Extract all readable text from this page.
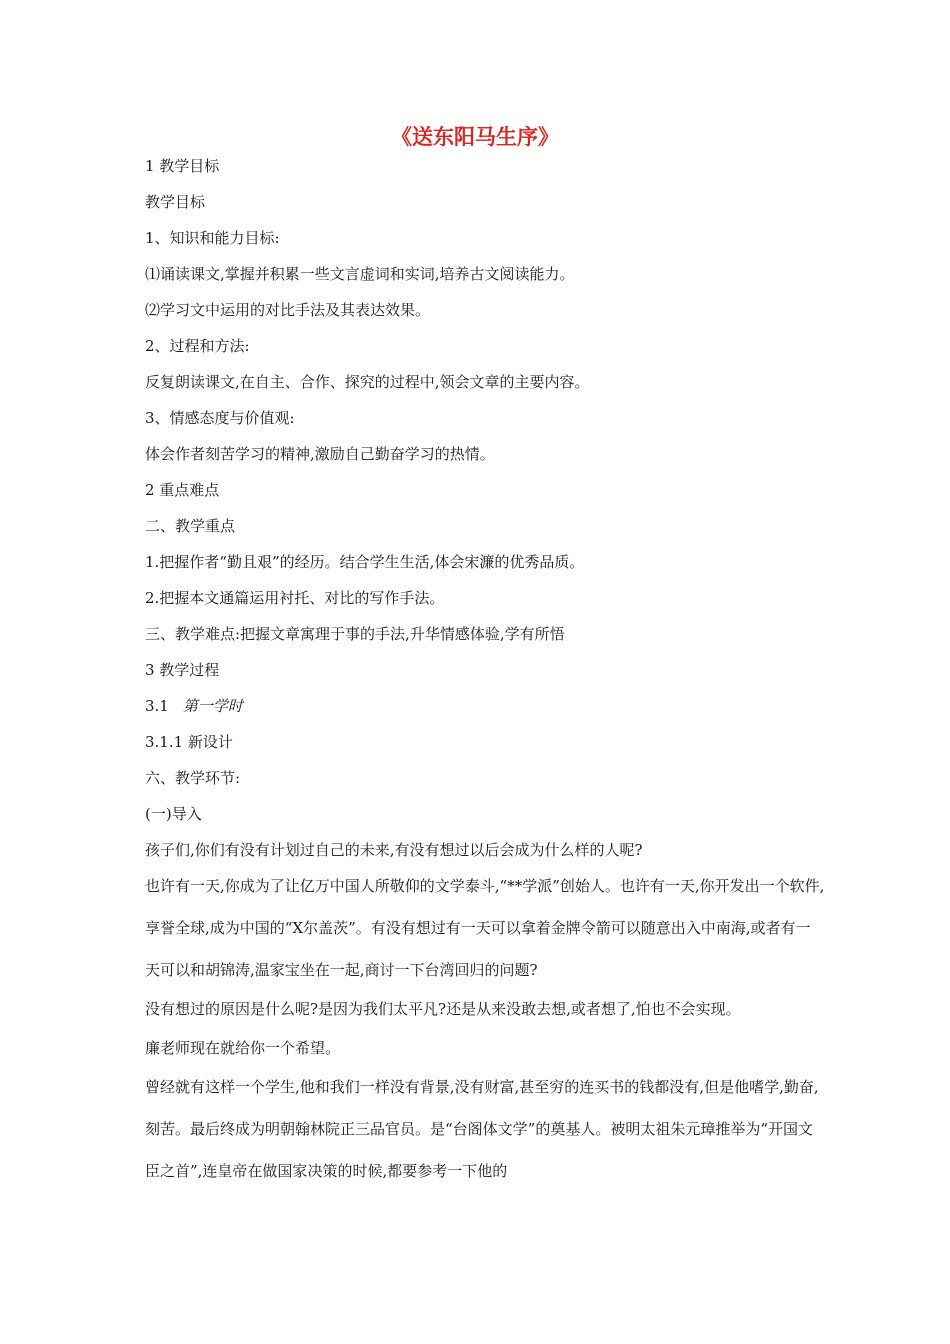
《送东阳马生序》

1 教学目标

教学目标

1、知识和能力目标:

⑴诵读课文,掌握并积累一些文言虚词和实词,培养古文阅读能力。

⑵学习文中运用的对比手法及其表达效果。

2、过程和方法:

反复朗读课文,在自主、合作、探究的过程中,领会文章的主要内容。

3、情感态度与价值观:

体会作者刻苦学习的精神,激励自己勤奋学习的热情。

2 重点难点

二、教学重点

1.把握作者“勤且艰”的经历。结合学生生活,体会宋濂的优秀品质。

2.把握本文通篇运用衬托、对比的写作手法。

三、教学难点:把握文章寓理于事的手法,升华情感体验,学有所悟

3 教学过程

3.1 第一学时

3.1.1 新设计

六、教学环节:

(一)导入

孩子们,你们有没有计划过自己的未来,有没有想过以后会成为什么样的人呢?

也许有一天,你成为了让亿万中国人所敬仰的文学泰斗,“**学派”创始人。也许有一天,你开发出一个软件,享誉全球,成为中国的“X尔盖茨”。有没有想过有一天可以拿着金牌令箭可以随意出入中南海,或者有一天可以和胡锦涛,温家宝坐在一起,商讨一下台湾回归的问题?

没有想过的原因是什么呢?是因为我们太平凡?还是从来没敢去想,或者想了,怕也不会实现。

廉老师现在就给你一个希望。

曾经就有这样一个学生,他和我们一样没有背景,没有财富,甚至穷的连买书的钱都没有,但是他嗜学,勤奋,刻苦。最后终成为明朝翰林院正三品官员。是“台阁体文学”的奠基人。被明太祖朱元璋推举为“开国文臣之首”,连皇帝在做国家决策的时候,都要参考一下他的
